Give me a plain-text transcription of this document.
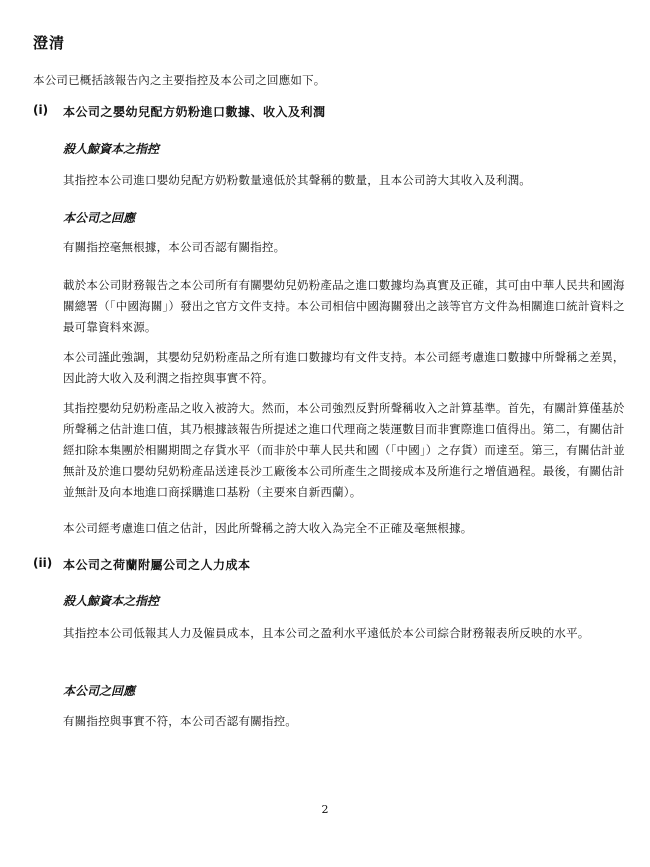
澄清

本公司已概括該報告內之主要指控及本公司之回應如下。

(i) 本公司之嬰幼兒配方奶粉進口數據、收入及利潤
殺人鯨資本之指控

其指控本公司進口嬰幼兒配方奶粉數量遠低於其聲稱的數量，且本公司誇大其收入及利潤。

本公司之回應

有關指控毫無根據，本公司否認有關指控。

載於本公司財務報告之本公司所有有關嬰幼兒奶粉產品之進口數據均為真實及正確，其可由中華人民共和國海關總署（「中國海關」）發出之官方文件支持。本公司相信中國海關發出之該等官方文件為相關進口統計資料之最可靠資料來源。

本公司謹此強調，其嬰幼兒奶粉產品之所有進口數據均有文件支持。本公司經考慮進口數據中所聲稱之差異，因此誇大收入及利潤之指控與事實不符。

其指控嬰幼兒奶粉產品之收入被誇大。然而，本公司強烈反對所聲稱收入之計算基準。首先，有關計算僅基於所聲稱之估計進口值，其乃根據該報告所提述之進口代理商之裝運數目而非實際進口值得出。第二，有關估計經扣除本集團於相關期間之存貨水平（而非於中華人民共和國（「中國」）之存貨）而達至。第三，有關估計並無計及於進口嬰幼兒奶粉產品送達長沙工廠後本公司所產生之間接成本及所進行之增值過程。最後，有關估計並無計及向本地進口商採購進口基粉（主要來自新西蘭）。

本公司經考慮進口值之估計，因此所聲稱之誇大收入為完全不正確及毫無根據。

(ii) 本公司之荷蘭附屬公司之人力成本
殺人鯨資本之指控

其指控本公司低報其人力及僱員成本，且本公司之盈利水平遠低於本公司綜合財務報表所反映的水平。

本公司之回應

有關指控與事實不符，本公司否認有關指控。

2
